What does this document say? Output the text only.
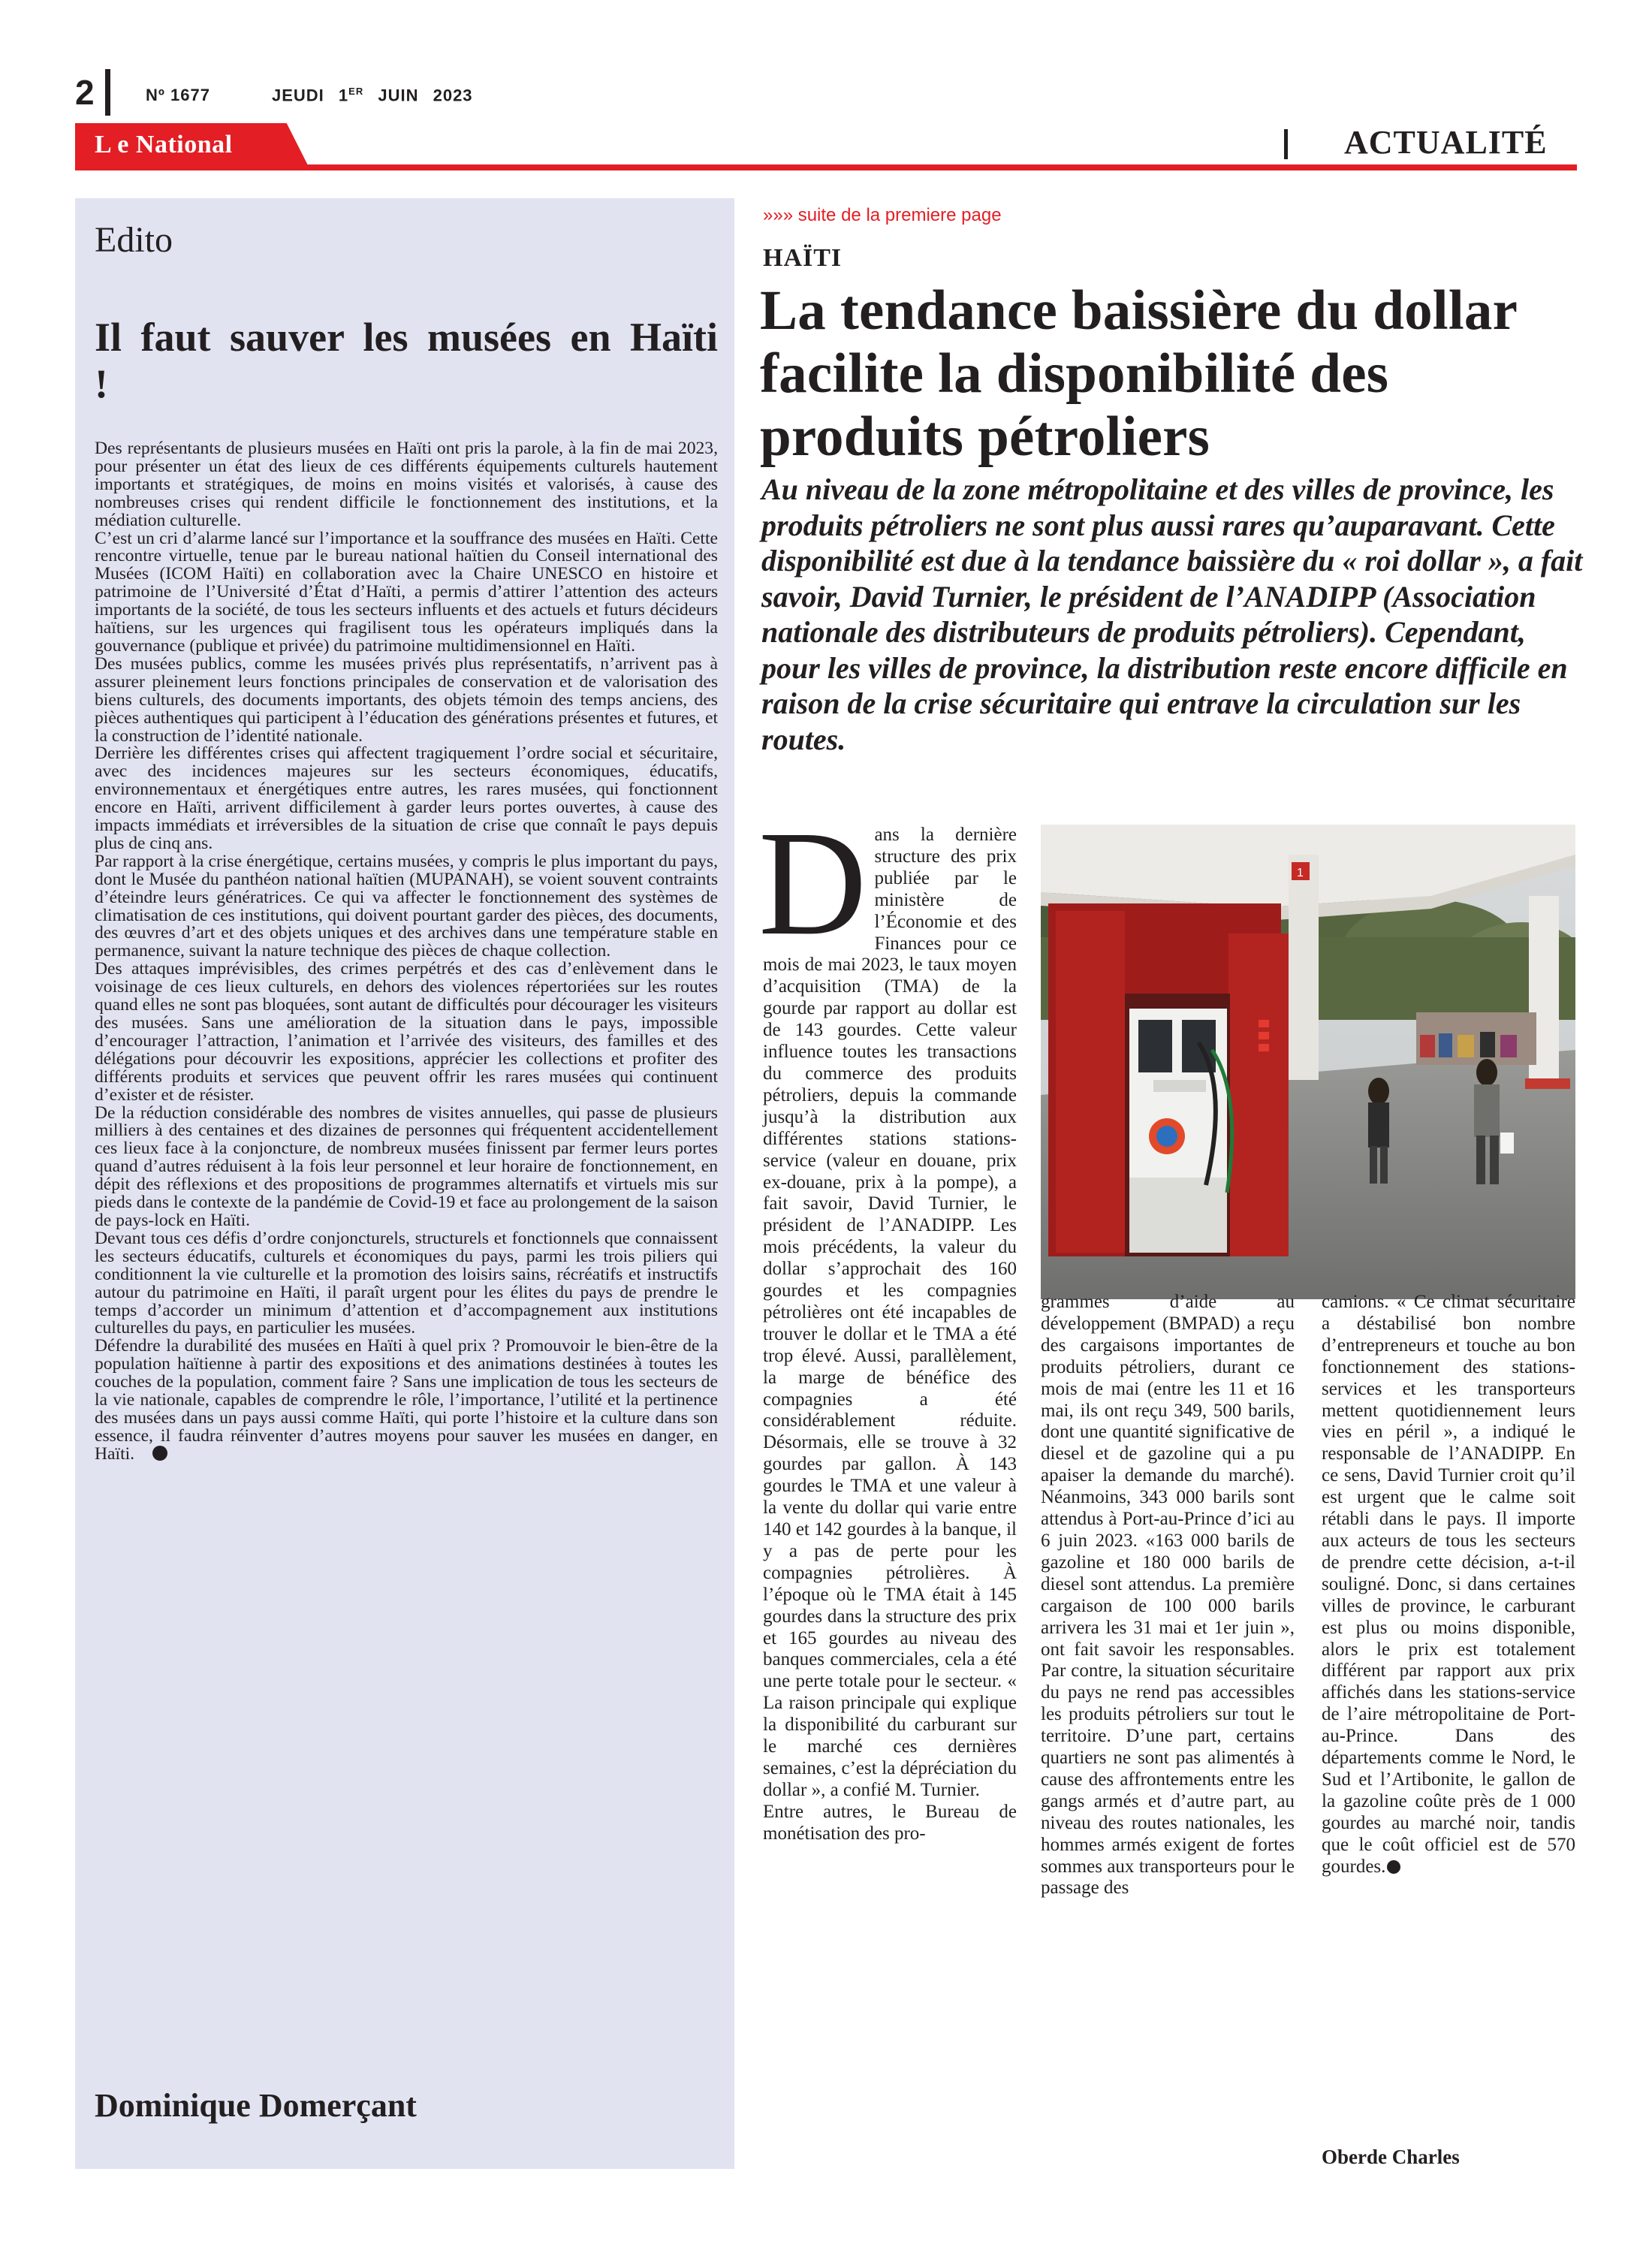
2	Nº 1677	JEUDI 1ER JUIN 2023
L e National	ACTUALITÉ
Edito
Il faut sauver les musées en Haïti !

Des représentants de plusieurs musées en Haïti ont pris la parole, à la fin de mai 2023, pour présenter un état des lieux de ces différents équipements culturels hautement importants et stratégiques, de moins en moins visités et valorisés, à cause des nombreuses crises qui rendent difficile le fonctionnement des institutions, et la médiation culturelle.

C’est un cri d’alarme lancé sur l’importance et la souffrance des musées en Haïti. Cette rencontre virtuelle, tenue par le bureau national haïtien du Conseil international des Musées (ICOM Haïti) en collaboration avec la Chaire UNESCO en histoire et patrimoine de l’Université d’État d’Haïti, a permis d’attirer l’attention des acteurs importants de la société, de tous les secteurs influents et des actuels et futurs décideurs haïtiens, sur les urgences qui fragilisent tous les opérateurs impliqués dans la gouvernance (publique et privée) du patrimoine multidimensionnel en Haïti.

Des musées publics, comme les musées privés plus représentatifs, n’arrivent pas à assurer pleinement leurs fonctions principales de conservation et de valorisation des biens culturels, des documents importants, des objets témoin des temps anciens, des pièces authentiques qui participent à l’éducation des générations présentes et futures, et la construction de l’identité nationale.

Derrière les différentes crises qui affectent tragiquement l’ordre social et sécuritaire, avec des incidences majeures sur les secteurs économiques, éducatifs, environnementaux et énergétiques entre autres, les rares musées, qui fonctionnent encore en Haïti, arrivent difficilement à garder leurs portes ouvertes, à cause des impacts immédiats et irréversibles de la situation de crise que connaît le pays depuis plus de cinq ans.

Par rapport à la crise énergétique, certains musées, y compris le plus important du pays, dont le Musée du panthéon national haïtien (MUPANAH), se voient souvent contraints d’éteindre leurs génératrices. Ce qui va affecter le fonctionnement des systèmes de climatisation de ces institutions, qui doivent pourtant garder des pièces, des documents, des œuvres d’art et des objets uniques et des archives dans une température stable en permanence, suivant la nature technique des pièces de chaque collection.

Des attaques imprévisibles, des crimes perpétrés et des cas d’enlèvement dans le voisinage de ces lieux culturels, en dehors des violences répertoriées sur les routes quand elles ne sont pas bloquées, sont autant de difficultés pour décourager les visiteurs des musées. Sans une amélioration de la situation dans le pays, impossible d’encourager l’attraction, l’animation et l’arrivée des visiteurs, des familles et des délégations pour découvrir les expositions, apprécier les collections et profiter des différents produits et services que peuvent offrir les rares musées qui continuent d’exister et de résister.

De la réduction considérable des nombres de visites annuelles, qui passe de plusieurs milliers à des centaines et des dizaines de personnes qui fréquentent accidentellement ces lieux face à la conjoncture, de nombreux musées finissent par fermer leurs portes quand d’autres réduisent à la fois leur personnel et leur horaire de fonctionnement, en dépit des réflexions et des propositions de programmes alternatifs et virtuels mis sur pieds dans le contexte de la pandémie de Covid-19 et face au prolongement de la saison de pays-lock en Haïti.

Devant tous ces défis d’ordre conjoncturels, structurels et fonctionnels que connaissent les secteurs éducatifs, culturels et économiques du pays, parmi les trois piliers qui conditionnent la vie culturelle et la promotion des loisirs sains, récréatifs et instructifs autour du patrimoine en Haïti, il paraît urgent pour les élites du pays de prendre le temps d’accorder un minimum d’attention et d’accompagnement aux institutions culturelles du pays, en particulier les musées.

Défendre la durabilité des musées en Haïti à quel prix ? Promouvoir le bien-être de la population haïtienne à partir des expositions et des animations destinées à toutes les couches de la population, comment faire ? Sans une implication de tous les secteurs de la vie nationale, capables de comprendre le rôle, l’importance, l’utilité et la pertinence des musées dans un pays aussi comme Haïti, qui porte l’histoire et la culture dans son essence, il faudra réinventer d’autres moyens pour sauver les musées en danger, en Haïti.

Dominique Domerçant
»»» suite de la premiere page
HAÏTI
La tendance baissière du dollar facilite la disponibilité des produits pétroliers
Au niveau de la zone métropolitaine et des villes de province, les produits pétroliers ne sont plus aussi rares qu’auparavant. Cette disponibilité est due à la tendance baissière du « roi dollar », a fait savoir, David Turnier, le président de l’ANADIPP (Association nationale des distributeurs de produits pétroliers). Cependant, pour les villes de province, la distribution reste encore difficile en raison de la crise sécuritaire qui entrave la circulation sur les routes.
Dans la dernière structure des prix publiée par le ministère de l’Économie et des Finances pour ce mois de mai 2023, le taux moyen d’acquisition (TMA) de la gourde par rapport au dollar est de 143 gourdes. Cette valeur influence toutes les transactions du commerce des produits pétroliers, depuis la commande jusqu’à la distribution aux différentes stations stations-service (valeur en douane, prix ex-douane, prix à la pompe), a fait savoir, David Turnier, le président de l’ANADIPP. Les mois précédents, la valeur du dollar s’approchait des 160 gourdes et les compagnies pétrolières ont été incapables de trouver le dollar et le TMA a été trop élevé. Aussi, parallèlement, la marge de bénéfice des compagnies a été considérablement réduite. Désormais, elle se trouve à 32 gourdes par gallon. À 143 gourdes le TMA et une valeur à la vente du dollar qui varie entre 140 et 142 gourdes à la banque, il y a pas de perte pour les compagnies pétrolières. À l’époque où le TMA était à 145 gourdes dans la structure des prix et 165 gourdes au niveau des banques commerciales, cela a été une perte totale pour le secteur. « La raison principale qui explique la disponibilité du carburant sur le marché ces dernières semaines, c’est la dépréciation du dollar », a confié M. Turnier.
Entre autres, le Bureau de monétisation des pro-
1
grammes d’aide au développement (BMPAD) a reçu des cargaisons importantes de produits pétroliers, durant ce mois de mai (entre les 11 et 16 mai, ils ont reçu 349, 500 barils, dont une quantité significative de diesel et de gazoline qui a pu apaiser la demande du marché). Néanmoins, 343 000 barils sont attendus à Port-au-Prince d’ici au 6 juin 2023. «163 000 barils de gazoline et 180 000 barils de diesel sont attendus. La première cargaison de 100 000 barils arrivera les 31 mai et 1er juin », ont fait savoir les responsables. Par contre, la situation sécuritaire du pays ne rend pas accessibles les produits pétroliers sur tout le territoire. D’une part, certains quartiers ne sont pas alimentés à cause des affrontements entre les gangs armés et d’autre part, au niveau des routes nationales, les hommes armés exigent de fortes sommes aux transporteurs pour le passage des
camions. « Ce climat sécuritaire a déstabilisé bon nombre d’entrepreneurs et touche au bon fonctionnement des stations-services et les transporteurs mettent quotidiennement leurs vies en péril », a indiqué le responsable de l’ANADIPP. En ce sens, David Turnier croit qu’il est urgent que le calme soit rétabli dans le pays. Il importe aux acteurs de tous les secteurs de prendre cette décision, a-t-il souligné. Donc, si dans certaines villes de province, le carburant est plus ou moins disponible, alors le prix est totalement différent par rapport aux prix affichés dans les stations-service de l’aire métropolitaine de Port-au-Prince. Dans des départements comme le Nord, le Sud et l’Artibonite, le gallon de la gazoline coûte près de 1 000 gourdes au marché noir, tandis que le coût officiel est de 570 gourdes.
Oberde Charles
